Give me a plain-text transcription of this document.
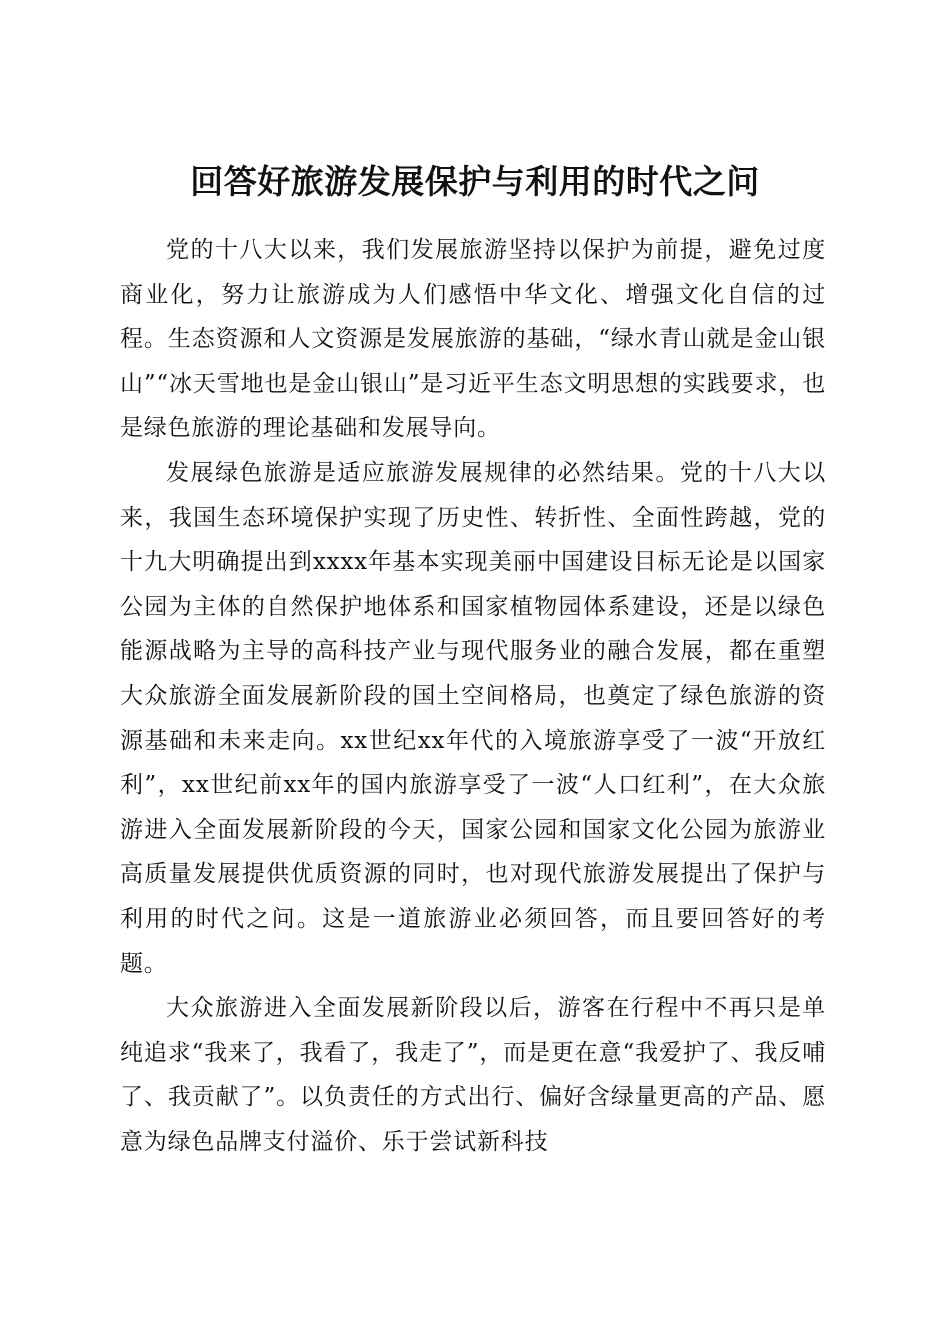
回答好旅游发展保护与利用的时代之问

党的十八大以来，我们发展旅游坚持以保护为前提，避免过度商业化，努力让旅游成为人们感悟中华文化、增强文化自信的过程。生态资源和人文资源是发展旅游的基础，“绿水青山就是金山银山”“冰天雪地也是金山银山”是习近平生态文明思想的实践要求，也是绿色旅游的理论基础和发展导向。

发展绿色旅游是适应旅游发展规律的必然结果。党的十八大以来，我国生态环境保护实现了历史性、转折性、全面性跨越，党的十九大明确提出到xxxx年基本实现美丽中国建设目标无论是以国家公园为主体的自然保护地体系和国家植物园体系建设，还是以绿色能源战略为主导的高科技产业与现代服务业的融合发展，都在重塑大众旅游全面发展新阶段的国土空间格局，也奠定了绿色旅游的资源基础和未来走向。xx世纪xx年代的入境旅游享受了一波“开放红利”，xx世纪前xx年的国内旅游享受了一波“人口红利”，在大众旅游进入全面发展新阶段的今天，国家公园和国家文化公园为旅游业高质量发展提供优质资源的同时，也对现代旅游发展提出了保护与利用的时代之问。这是一道旅游业必须回答，而且要回答好的考题。

大众旅游进入全面发展新阶段以后，游客在行程中不再只是单纯追求“我来了，我看了，我走了”，而是更在意“我爱护了、我反哺了、我贡献了”。以负责任的方式出行、偏好含绿量更高的产品、愿意为绿色品牌支付溢价、乐于尝试新科技
